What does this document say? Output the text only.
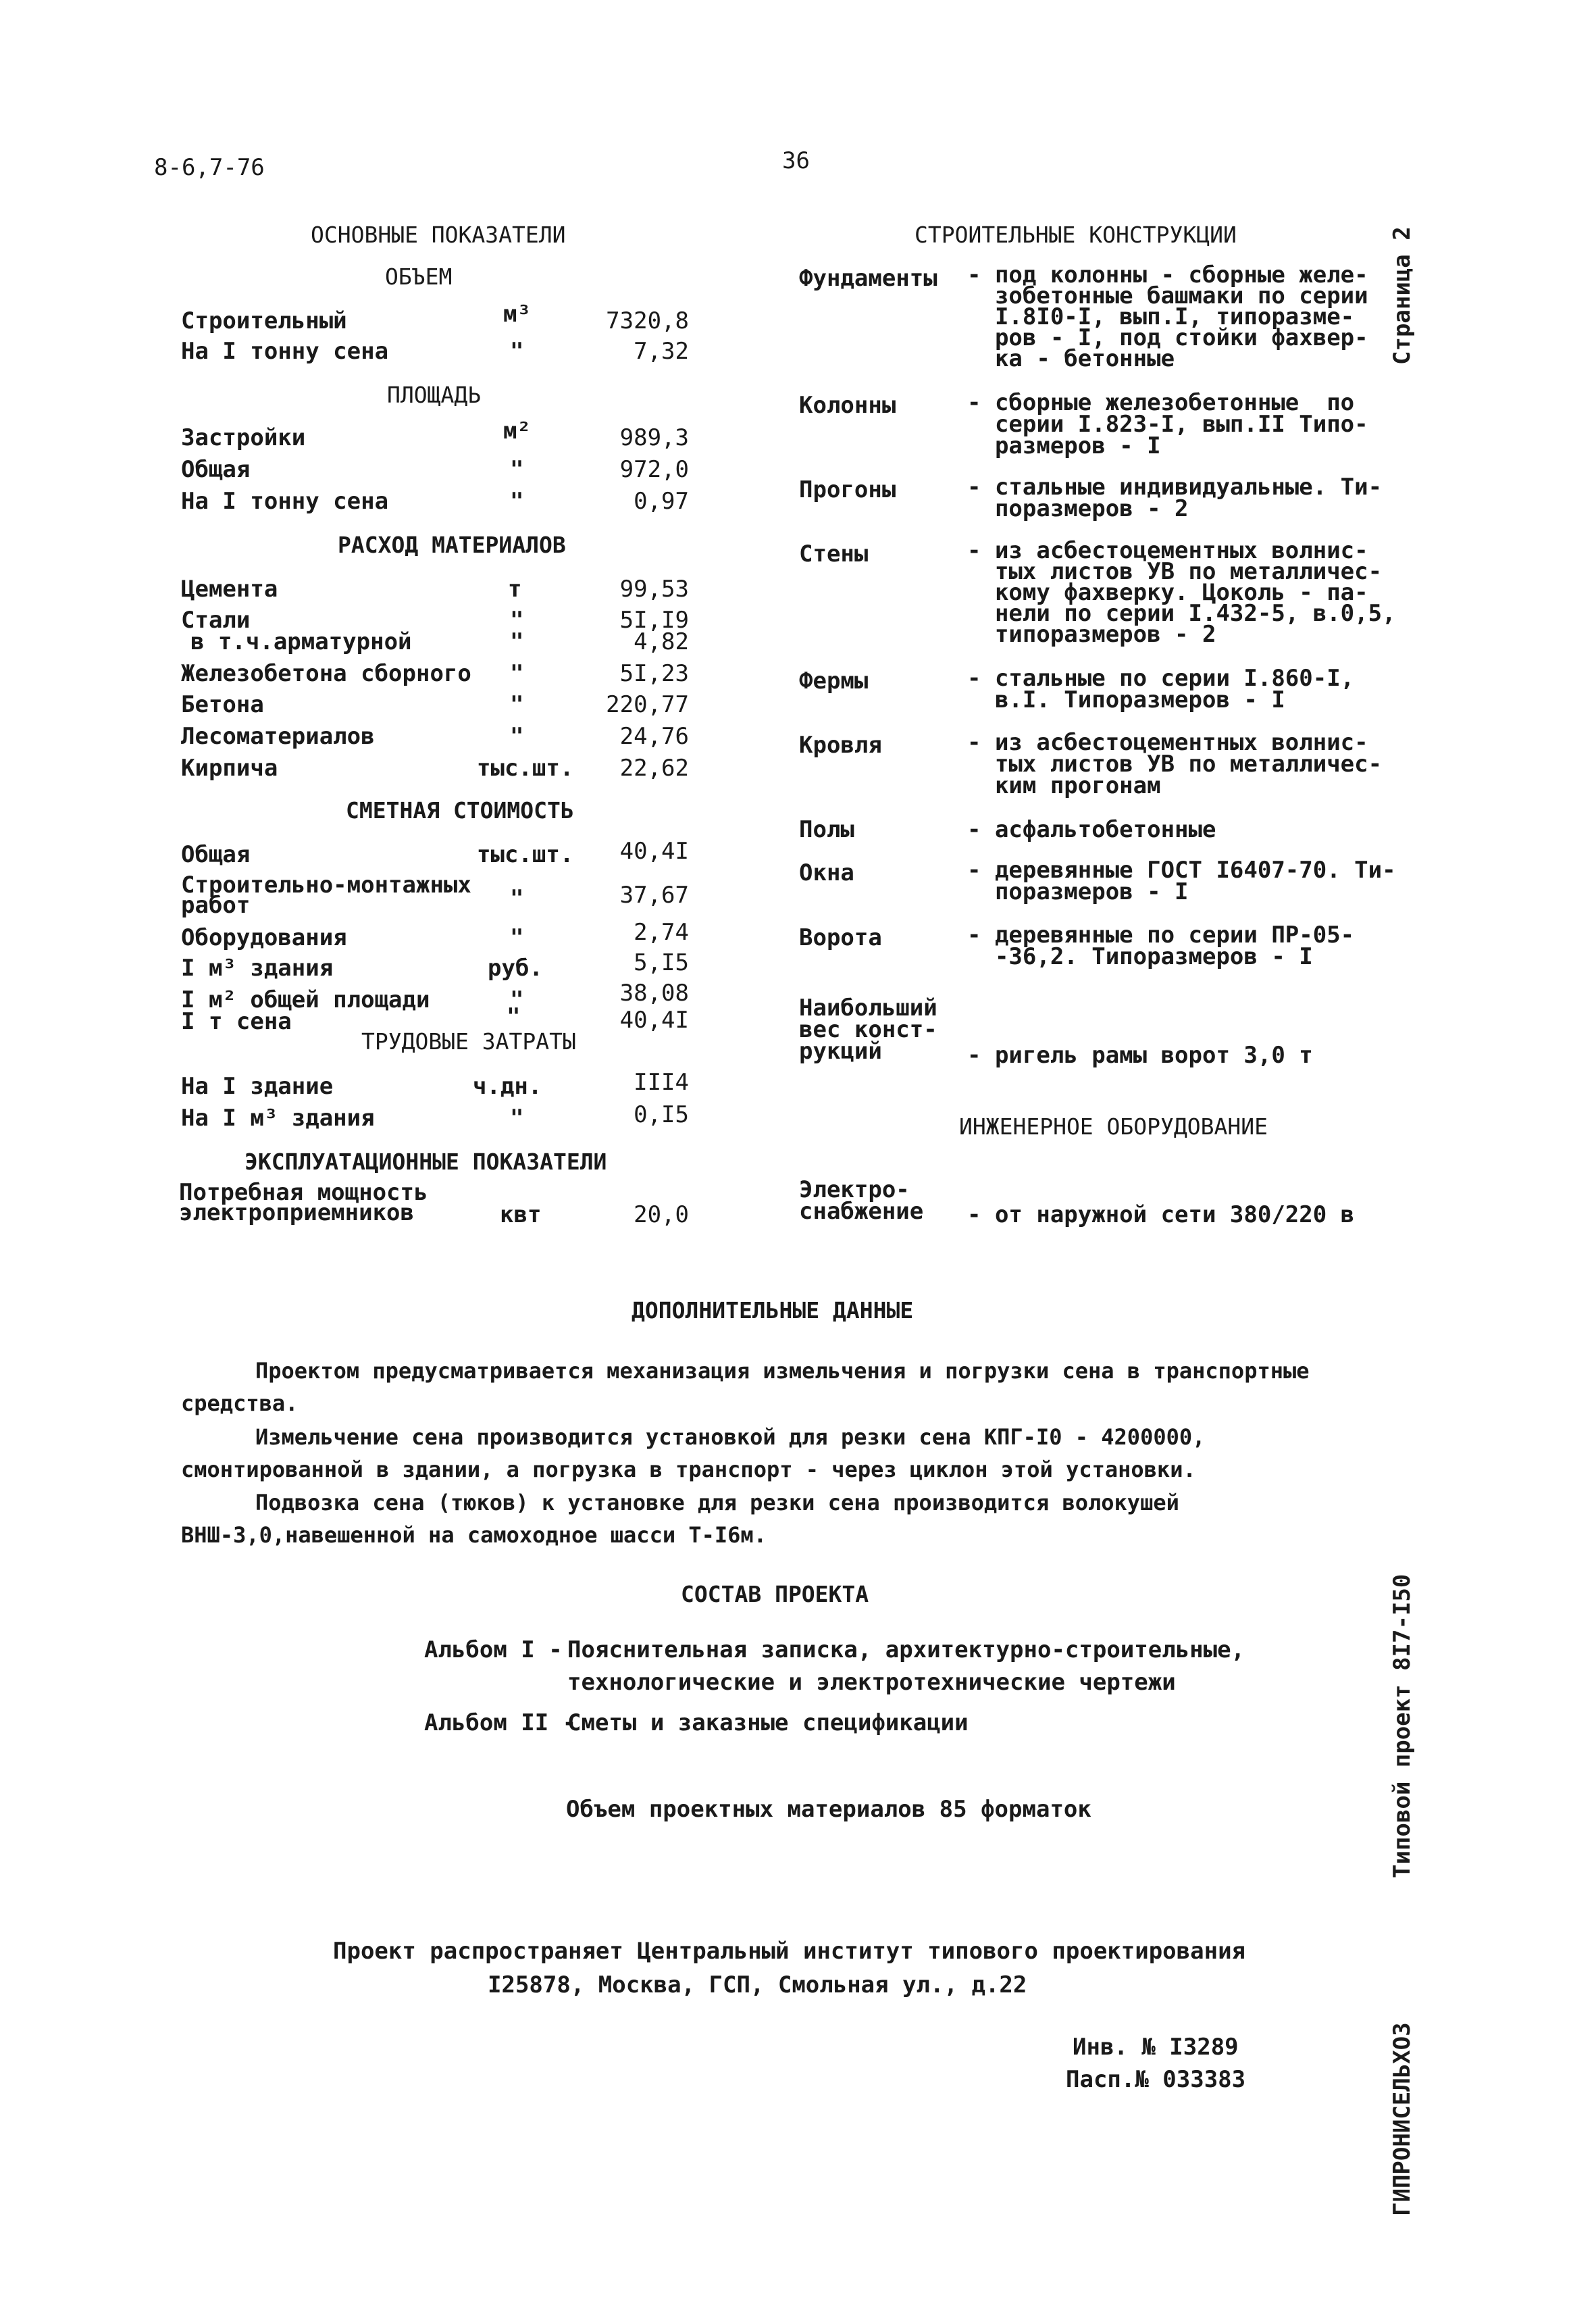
8-6,7-76	36
ОСНОВНЫЕ ПОКАЗАТЕЛИ
ОБЪЕМ
Строительный	м³	7320,8
На I тонну сена	"	7,32
ПЛОЩАДЬ
Застройки	м²	989,3
Общая	"	972,0
На I тонну сена	"	0,97
РАСХОД МАТЕРИАЛОВ
Цемента	т	99,53
Стали	"	5I,I9
в т.ч.арматурной	"	4,82
Железобетона сборного "	5I,23
Бетона	"	220,77
Лесоматериалов	"	24,76
Кирпича	тыс.шт.	22,62
СМЕТНАЯ СТОИМОСТЬ
Общая	тыс.шт.	40,4I
Строительно-монтажных
работ	"	37,67
Оборудования	"	2,74
I м³ здания	руб.	5,I5
I м² общей площади	"	38,08
I т сена	"	40,4I
ТРУДОВЫЕ ЗАТРАТЫ
На I здание	ч.дн.	III4
На I м³ здания	"	0,I5
ЭКСПЛУАТАЦИОННЫЕ ПОКАЗАТЕЛИ
Потребная мощность
электроприемников	квт	20,0
СТРОИТЕЛЬНЫЕ КОНСТРУКЦИИ
Фундаменты - под колонны - сборные желе-
зобетонные башмаки по серии
I.8I0-I, вып.I, типоразме-
ров - I, под стойки фахвер-
ка - бетонные
Колонны	- сборные железобетонные  по
серии I.823-I, вып.II Типо-
размеров - I
Прогоны	- стальные индивидуальные. Ти-
поразмеров - 2
Стены	- из асбестоцементных волнис-
тых листов УВ по металличес-
кому фахверку. Цоколь - па-
нели по серии I.432-5, в.0,5,
типоразмеров - 2
Фермы	- стальные по серии I.860-I,
в.I. Типоразмеров - I
Кровля	- из асбестоцементных волнис-
тых листов УВ по металличес-
ким прогонам
Полы	- асфальтобетонные
Окна	- деревянные ГОСТ I6407-70. Ти-
поразмеров - I
Ворота	- деревянные по серии ПР-05-
-36,2. Типоразмеров - I
Наибольший
вес конст-
рукций	- ригель рамы ворот 3,0 т
ИНЖЕНЕРНОЕ ОБОРУДОВАНИЕ
Электро-
снабжение - от наружной сети 380/220 в
ДОПОЛНИТЕЛЬНЫЕ ДАННЫЕ
Проектом предусматривается механизация измельчения и погрузки сена в транспортные средства.
Измельчение сена производится установкой для резки сена КПГ-I0 - 4200000, смонтированной в здании, а погрузка в транспорт - через циклон этой установки.
Подвозка сена (тюков) к установке для резки сена производится волокушей ВНШ-3,0,навешенной на самоходное шасси Т-I6м.
СОСТАВ ПРОЕКТА
Альбом I - Пояснительная записка, архитектурно-строительные,
технологические и электротехнические чертежи
Альбом II -
Сметы и заказные спецификации
Объем проектных материалов 85 форматок
Проект распространяет Центральный институт типового проектирования
I25878, Москва, ГСП, Смольная ул., д.22
Инв. № I3289
Пасп.№ 033383
Страница 2
Типовой проект 8I7-I50
ГИПРОНИСЕЛЬХОЗ
